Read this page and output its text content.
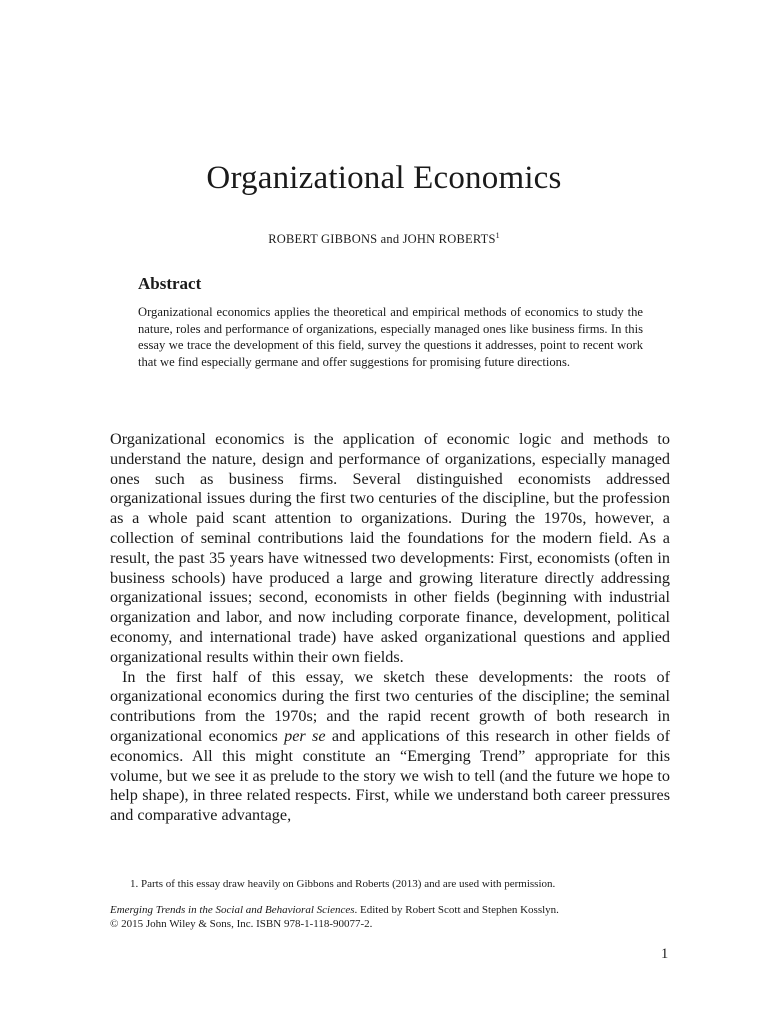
Organizational Economics
ROBERT GIBBONS and JOHN ROBERTS$^1$
Abstract

Organizational economics applies the theoretical and empirical methods of economics to study the nature, roles and performance of organizations, especially managed ones like business firms. In this essay we trace the development of this field, survey the questions it addresses, point to recent work that we find especially germane and offer suggestions for promising future directions.

Organizational economics is the application of economic logic and methods to understand the nature, design and performance of organizations, especially managed ones such as business firms. Several distinguished economists addressed organizational issues during the first two centuries of the discipline, but the profession as a whole paid scant attention to organizations. During the 1970s, however, a collection of seminal contributions laid the foundations for the modern field. As a result, the past 35 years have witnessed two developments: First, economists (often in business schools) have produced a large and growing literature directly addressing organizational issues; second, economists in other fields (beginning with industrial organization and labor, and now including corporate finance, development, political economy, and international trade) have asked organizational questions and applied organizational results within their own fields.

In the first half of this essay, we sketch these developments: the roots of organizational economics during the first two centuries of the discipline; the seminal contributions from the 1970s; and the rapid recent growth of both research in organizational economics per se and applications of this research in other fields of economics. All this might constitute an “Emerging Trend” appropriate for this volume, but we see it as prelude to the story we wish to tell (and the future we hope to help shape), in three related respects. First, while we understand both career pressures and comparative advantage,

1. Parts of this essay draw heavily on Gibbons and Roberts (2013) and are used with permission.
Emerging Trends in the Social and Behavioral Sciences. Edited by Robert Scott and Stephen Kosslyn.
© 2015 John Wiley & Sons, Inc. ISBN 978-1-118-90077-2.
1
